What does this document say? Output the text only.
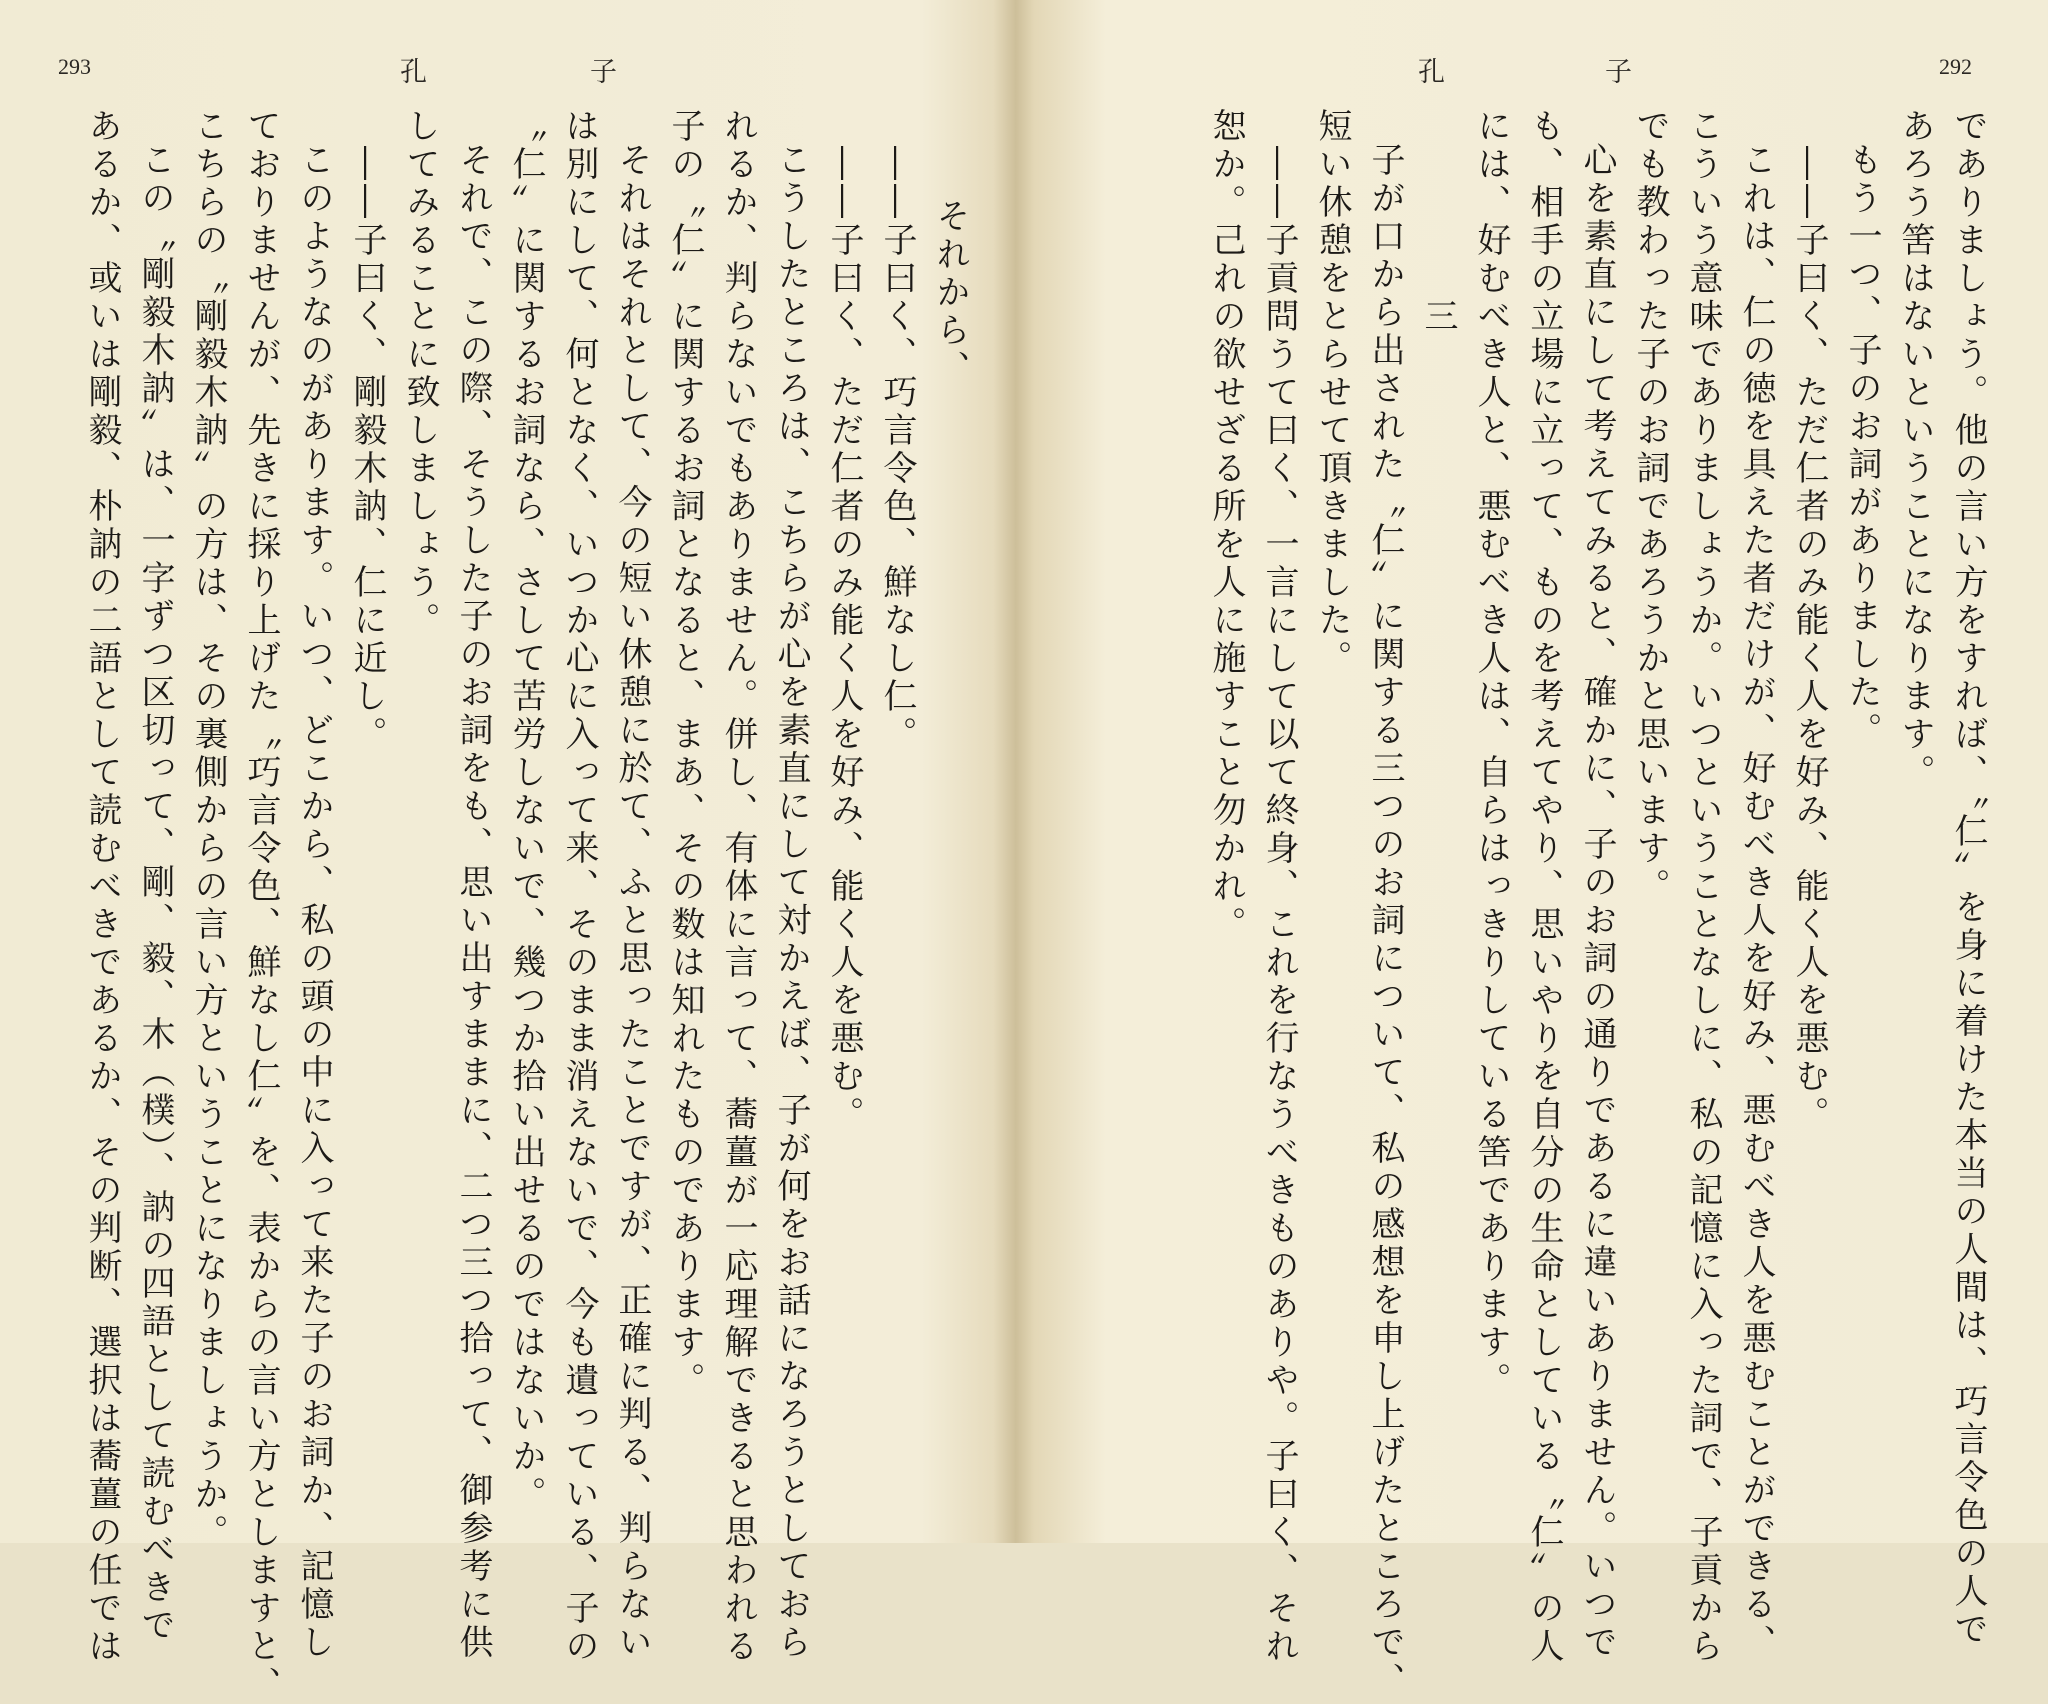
293	孔	子
それから、
――子曰く、巧言令色、鮮なし仁。
――子曰く、ただ仁者のみ能く人を好み、能く人を悪む。
こうしたところは、こちらが心を素直にして対かえば、子が何をお話になろうとしておら
れるか、判らないでもありません。併し、有体に言って、蕎薑が一応理解できると思われる
子の〝仁〟に関するお詞となると、まあ、その数は知れたものであります。
それはそれとして、今の短い休憩に於て、ふと思ったことですが、正確に判る、判らない
は別にして、何となく、いつか心に入って来、そのまま消えないで、今も遺っている、子の
〝仁〟に関するお詞なら、さして苦労しないで、幾つか拾い出せるのではないか。
それで、この際、そうした子のお詞をも、思い出すままに、二つ三つ拾って、御参考に供
してみることに致しましょう。
――子曰く、剛毅木訥、仁に近し。
このようなのがあります。いつ、どこから、私の頭の中に入って来た子のお詞か、記憶し
ておりませんが、先きに採り上げた〝巧言令色、鮮なし仁〟を、表からの言い方としますと、
こちらの〝剛毅木訥〟の方は、その裏側からの言い方ということになりましょうか。
この〝剛毅木訥〟は、一字ずつ区切って、剛、毅、木（樸）、訥の四語として読むべきで
あるか、或いは剛毅、朴訥の二語として読むべきであるか、その判断、選択は蕎薑の任では
292
孔	子
でありましょう。他の言い方をすれば、〝仁〟を身に着けた本当の人間は、巧言令色の人で
あろう筈はないということになります。
もう一つ、子のお詞がありました。
――子曰く、ただ仁者のみ能く人を好み、能く人を悪む。
これは、仁の徳を具えた者だけが、好むべき人を好み、悪むべき人を悪むことができる、
こういう意味でありましょうか。いつということなしに、私の記憶に入った詞で、子貢から
でも教わった子のお詞であろうかと思います。
心を素直にして考えてみると、確かに、子のお詞の通りであるに違いありません。いつで
も、相手の立場に立って、ものを考えてやり、思いやりを自分の生命としている〝仁〟の人
には、好むべき人と、悪むべき人は、自らはっきりしている筈であります。
三
子が口から出された〝仁〟に関する三つのお詞について、私の感想を申し上げたところで、
短い休憩をとらせて頂きました。
――子貢問うて曰く、一言にして以て終身、これを行なうべきものありや。子曰く、それ
恕か。己れの欲せざる所を人に施すこと勿かれ。
